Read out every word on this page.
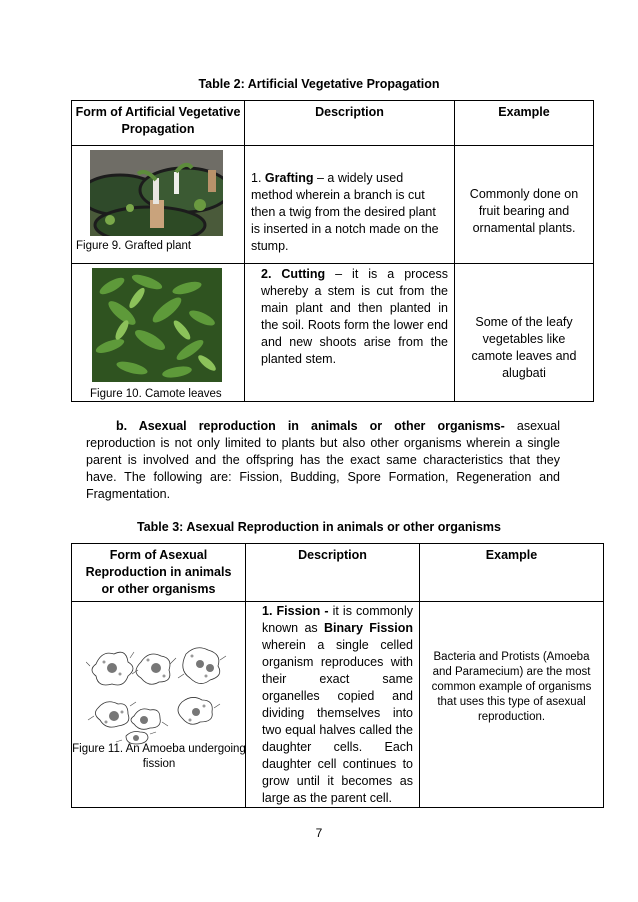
Table 2: Artificial Vegetative Propagation
Form of Artificial Vegetative Propagation	Description	Example

Figure 9. Grafted plant	1. Grafting – a widely used method wherein a branch is cut then a twig from the desired plant is inserted in a notch made on the stump.	Commonly done on fruit bearing and ornamental plants.

Figure 10. Camote leaves	2. Cutting – it is a process whereby a stem is cut from the main plant and then planted in the soil. Roots form the lower end and new shoots arise from the planted stem.	Some of the leafy vegetables like camote leaves and alugbati
b. Asexual reproduction in animals or other organisms- asexual reproduction is not only limited to plants but also other organisms wherein a single parent is involved and the offspring has the exact same characteristics that they have. The following are: Fission, Budding, Spore Formation, Regeneration and Fragmentation.
Table 3: Asexual Reproduction in animals or other organisms
Form of Asexual Reproduction in animals or other organisms	Description	Example

Figure 11. An Amoeba undergoing fission	1. Fission - it is commonly known as Binary Fission wherein a single celled organism reproduces with their exact same organelles copied and dividing themselves into two equal halves called the daughter cells. Each daughter cell continues to grow until it becomes as large as the parent cell.	Bacteria and Protists (Amoeba and Paramecium) are the most common example of organisms that uses this type of asexual reproduction.
7
